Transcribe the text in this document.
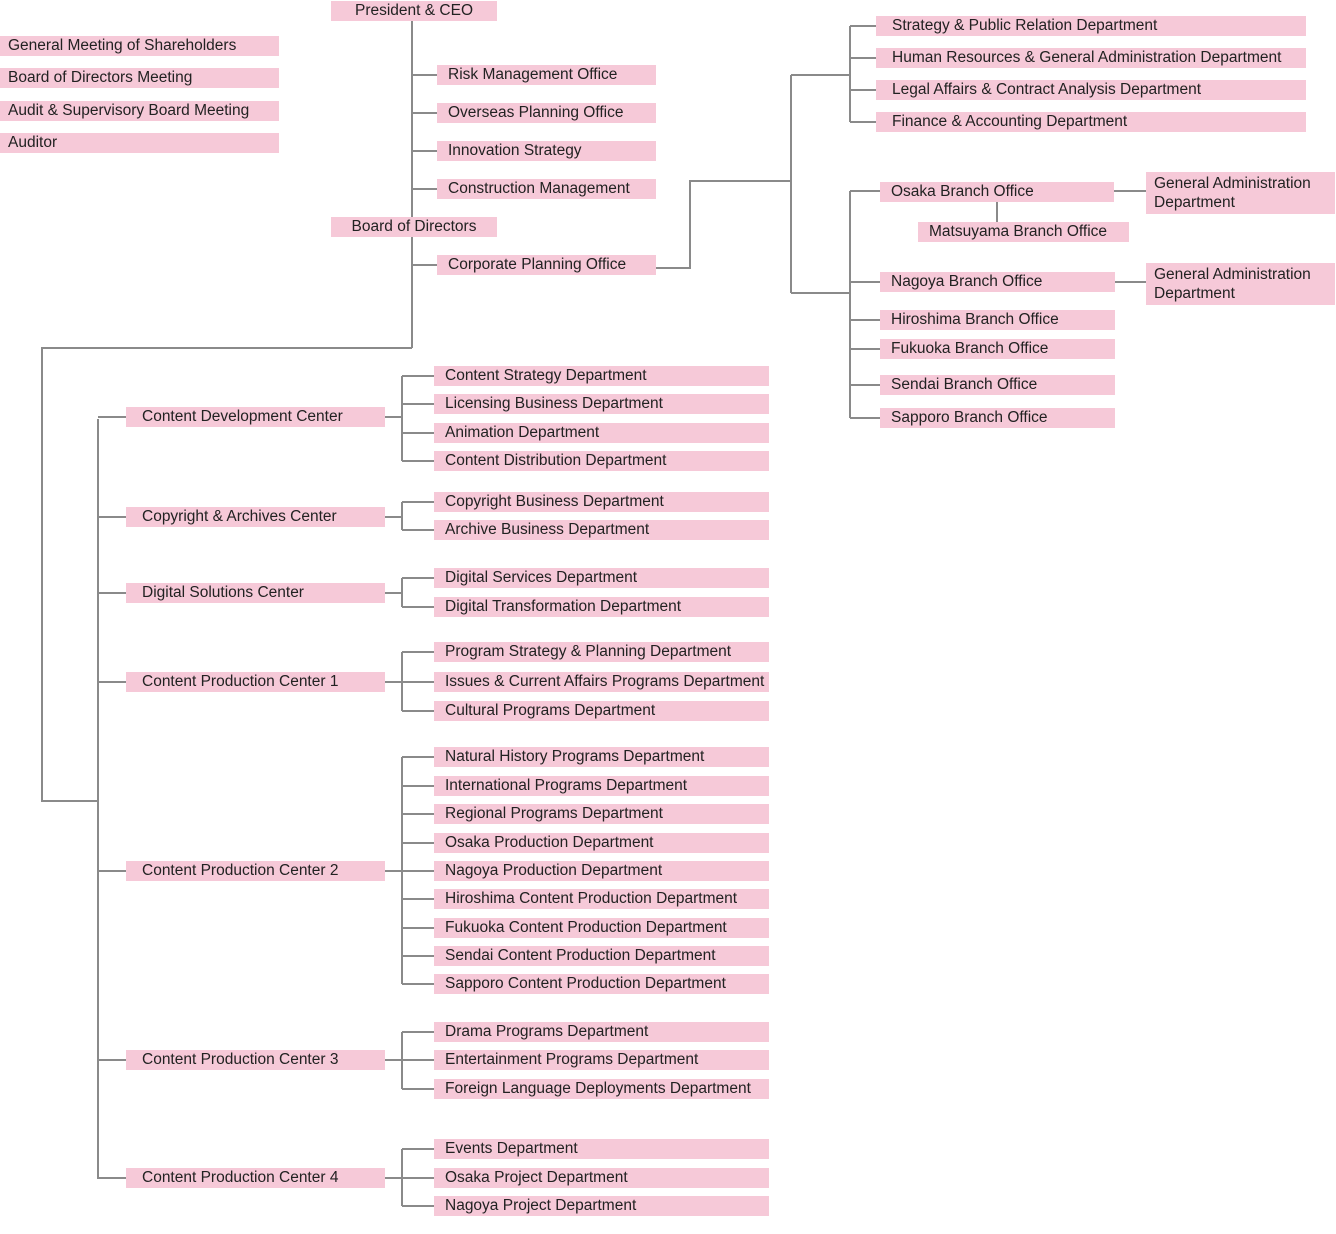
President & CEO
Board of Directors
General Meeting of Shareholders
Board of Directors Meeting
Audit & Supervisory Board Meeting
Auditor
Risk Management Office
Overseas Planning Office
Innovation Strategy
Construction Management
Corporate Planning Office
Strategy & Public Relation Department
Human Resources & General Administration Department
Legal Affairs & Contract Analysis Department
Finance & Accounting Department
Osaka Branch Office	General Administration Department
Matsuyama Branch Office
Nagoya Branch Office	General Administration Department
Hiroshima Branch Office
Fukuoka Branch Office
Sendai Branch Office
Sapporo Branch Office
Content Development Center
Content Strategy Department
Licensing Business Department
Animation Department
Content Distribution Department
Copyright & Archives Center
Copyright Business Department
Archive Business Department
Digital Solutions Center
Digital Services Department
Digital Transformation Department
Content Production Center 1
Program Strategy & Planning Department
Issues & Current Affairs Programs Department
Cultural Programs Department
Content Production Center 2
Natural History Programs Department
International Programs Department
Regional Programs Department
Osaka Production Department
Nagoya Production Department
Hiroshima Content Production Department
Fukuoka Content Production Department
Sendai Content Production Department
Sapporo Content Production Department
Content Production Center 3
Drama Programs Department
Entertainment Programs Department
Foreign Language Deployments Department
Content Production Center 4
Events Department
Osaka Project Department
Nagoya Project Department
